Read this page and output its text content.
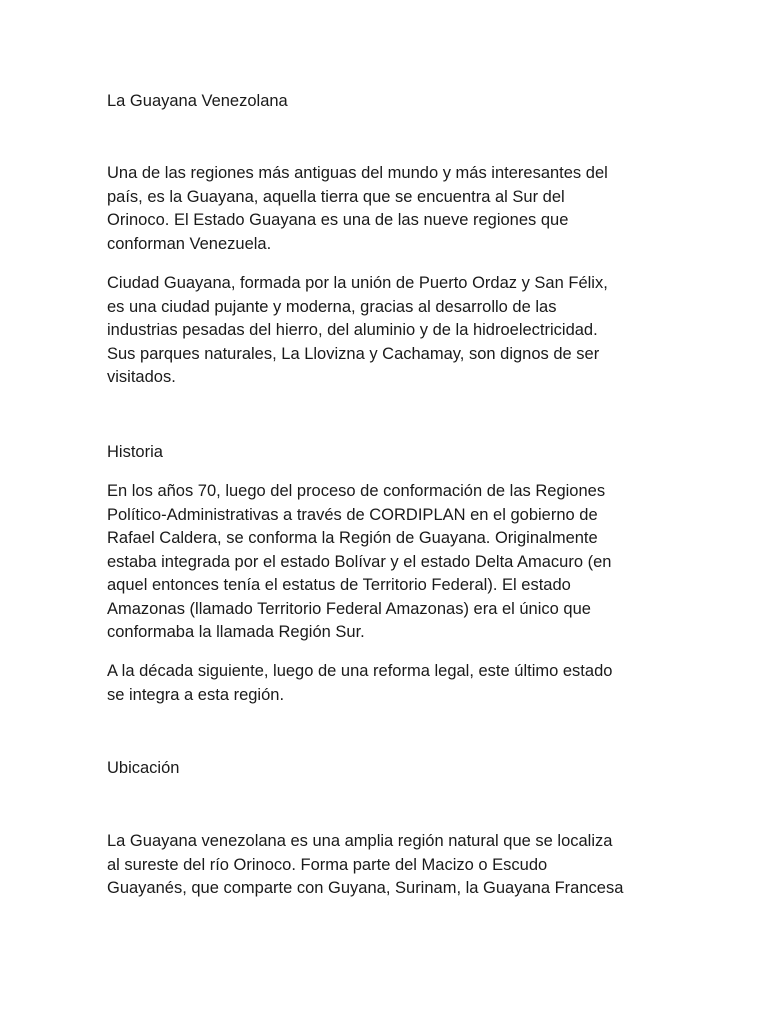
La Guayana Venezolana
Una de las regiones más antiguas del mundo y más interesantes del
país, es la Guayana, aquella tierra que se encuentra al Sur del
Orinoco. El Estado Guayana es una de las nueve regiones que
conforman Venezuela.
Ciudad Guayana, formada por la unión de Puerto Ordaz y San Félix,
es una ciudad pujante y moderna, gracias al desarrollo de las
industrias pesadas del hierro, del aluminio y de la hidroelectricidad.
Sus parques naturales, La Llovizna y Cachamay, son dignos de ser
visitados.
Historia
En los años 70, luego del proceso de conformación de las Regiones
Político-Administrativas a través de CORDIPLAN en el gobierno de
Rafael Caldera, se conforma la Región de Guayana. Originalmente
estaba integrada por el estado Bolívar y el estado Delta Amacuro (en
aquel entonces tenía el estatus de Territorio Federal). El estado
Amazonas (llamado Territorio Federal Amazonas) era el único que
conformaba la llamada Región Sur.
A la década siguiente, luego de una reforma legal, este último estado
se integra a esta región.
Ubicación
La Guayana venezolana es una amplia región natural que se localiza
al sureste del río Orinoco. Forma parte del Macizo o Escudo
Guayanés, que comparte con Guyana, Surinam, la Guayana Francesa
